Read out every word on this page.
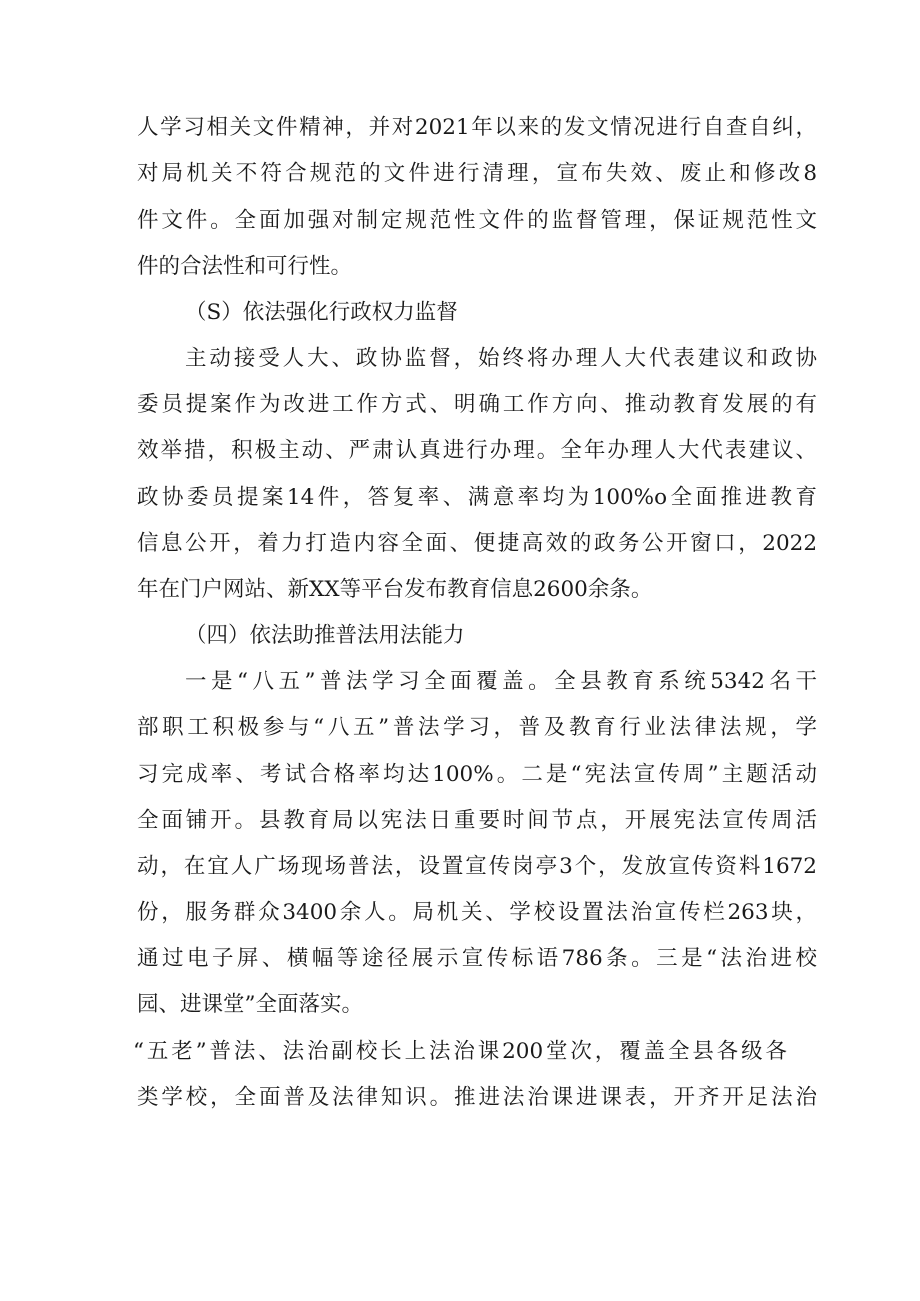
人学习相关文件精神，并对2021年以来的发文情况进行自查自纠，
对局机关不符合规范的文件进行清理，宣布失效、废止和修改8
件文件。全面加强对制定规范性文件的监督管理，保证规范性文
件的合法性和可行性。
（S）依法强化行政权力监督
主动接受人大、政协监督，始终将办理人大代表建议和政协
委员提案作为改进工作方式、明确工作方向、推动教育发展的有
效举措，积极主动、严肃认真进行办理。全年办理人大代表建议、
政协委员提案14件，答复率、满意率均为100%o全面推进教育
信息公开，着力打造内容全面、便捷高效的政务公开窗口，2022
年在门户网站、新XX等平台发布教育信息2600余条。
（四）依法助推普法用法能力
一是“八五”普法学习全面覆盖。全县教育系统5342名干
部职工积极参与“八五”普法学习，普及教育行业法律法规，学
习完成率、考试合格率均达100%。二是“宪法宣传周”主题活动
全面铺开。县教育局以宪法日重要时间节点，开展宪法宣传周活
动，在宜人广场现场普法，设置宣传岗亭3个，发放宣传资料1672
份，服务群众3400余人。局机关、学校设置法治宣传栏263块，
通过电子屏、横幅等途径展示宣传标语786条。三是“法治进校
园、进课堂”全面落实。
“五老”普法、法治副校长上法治课200堂次，覆盖全县各级各
类学校，全面普及法律知识。推进法治课进课表，开齐开足法治
